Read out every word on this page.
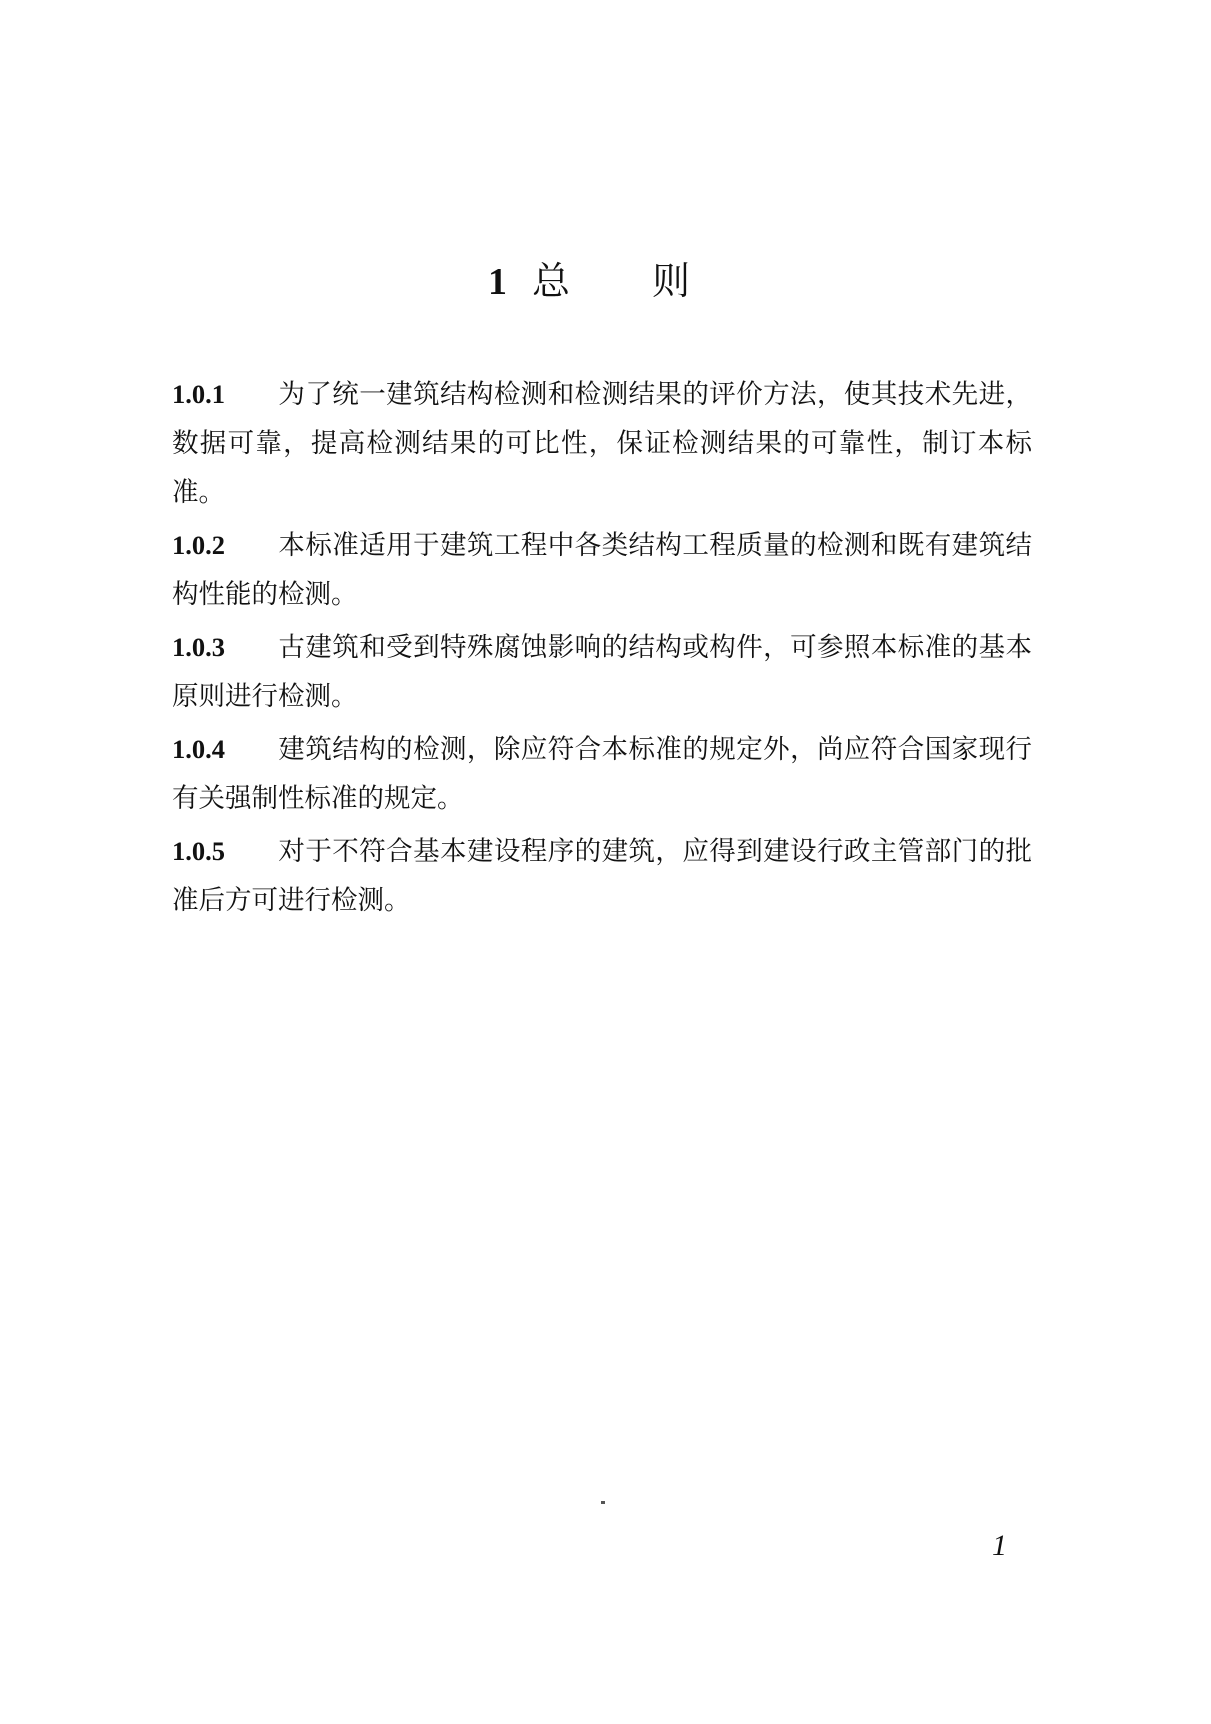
1 总 则

1.0.1 为了统一建筑结构检测和检测结果的评价方法，使其技术先进，数据可靠，提高检测结果的可比性，保证检测结果的可靠性，制订本标准。

1.0.2 本标准适用于建筑工程中各类结构工程质量的检测和既有建筑结构性能的检测。

1.0.3 古建筑和受到特殊腐蚀影响的结构或构件，可参照本标准的基本原则进行检测。

1.0.4 建筑结构的检测，除应符合本标准的规定外，尚应符合国家现行有关强制性标准的规定。

1.0.5 对于不符合基本建设程序的建筑，应得到建设行政主管部门的批准后方可进行检测。

1
